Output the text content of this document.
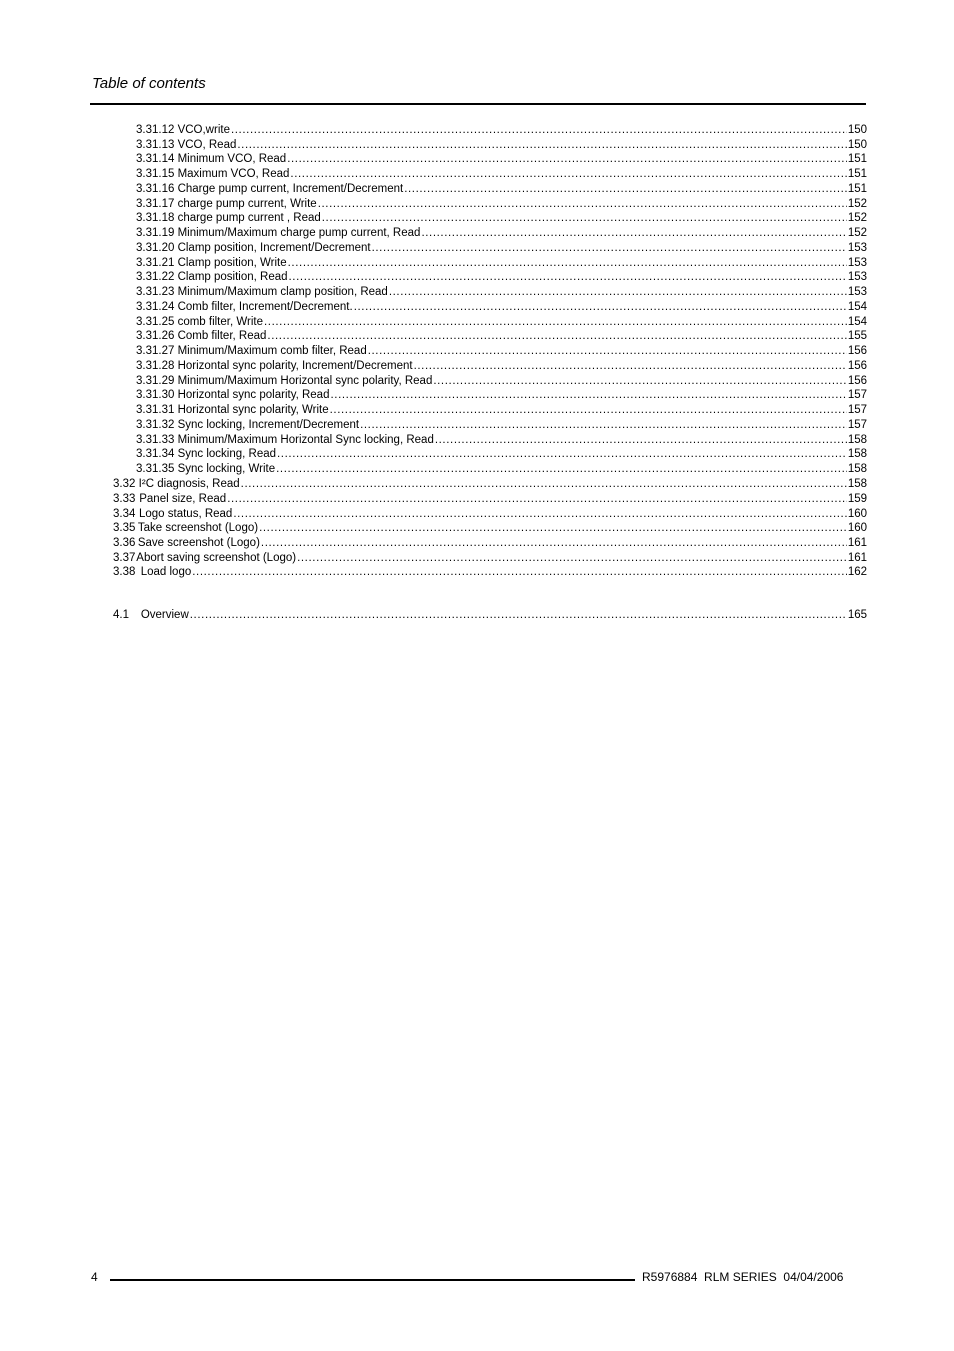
Table of contents
3.31.12 VCO,write .....	150
3.31.13 VCO, Read .....	150
3.31.14 Minimum VCO, Read .....	151
3.31.15 Maximum VCO, Read .....	151
3.31.16 Charge pump current, Increment/Decrement .....	151
3.31.17 charge pump current, Write .....	152
3.31.18 charge pump current , Read .....	152
3.31.19 Minimum/Maximum charge pump current, Read .....	152
3.31.20 Clamp position, Increment/Decrement .....	153
3.31.21 Clamp position, Write .....	153
3.31.22 Clamp position, Read .....	153
3.31.23 Minimum/Maximum clamp position, Read .....	153
3.31.24 Comb filter, Increment/Decrement. .....	154
3.31.25 comb filter, Write .....	154
3.31.26 Comb filter, Read .....	155
3.31.27 Minimum/Maximum comb filter, Read .....	156
3.31.28 Horizontal sync polarity, Increment/Decrement .....	156
3.31.29 Minimum/Maximum Horizontal sync polarity, Read .....	156
3.31.30 Horizontal sync polarity, Read .....	157
3.31.31 Horizontal sync polarity, Write .....	157
3.31.32 Sync locking, Increment/Decrement .....	157
3.31.33 Minimum/Maximum Horizontal Sync locking, Read .....	158
3.31.34 Sync locking, Read .....	158
3.31.35 Sync locking, Write .....	158
3.32 I²C diagnosis, Read .....	158
3.33 Panel size, Read .....	159
3.34 Logo status, Read .....	160
3.35 Take screenshot (Logo) .....	160
3.36 Save screenshot (Logo) .....	161
3.37 Abort saving screenshot (Logo) .....	161
3.38 Load logo .....	162
4.1	Overview .....	165
4	R5976884  RLM SERIES  04/04/2006
